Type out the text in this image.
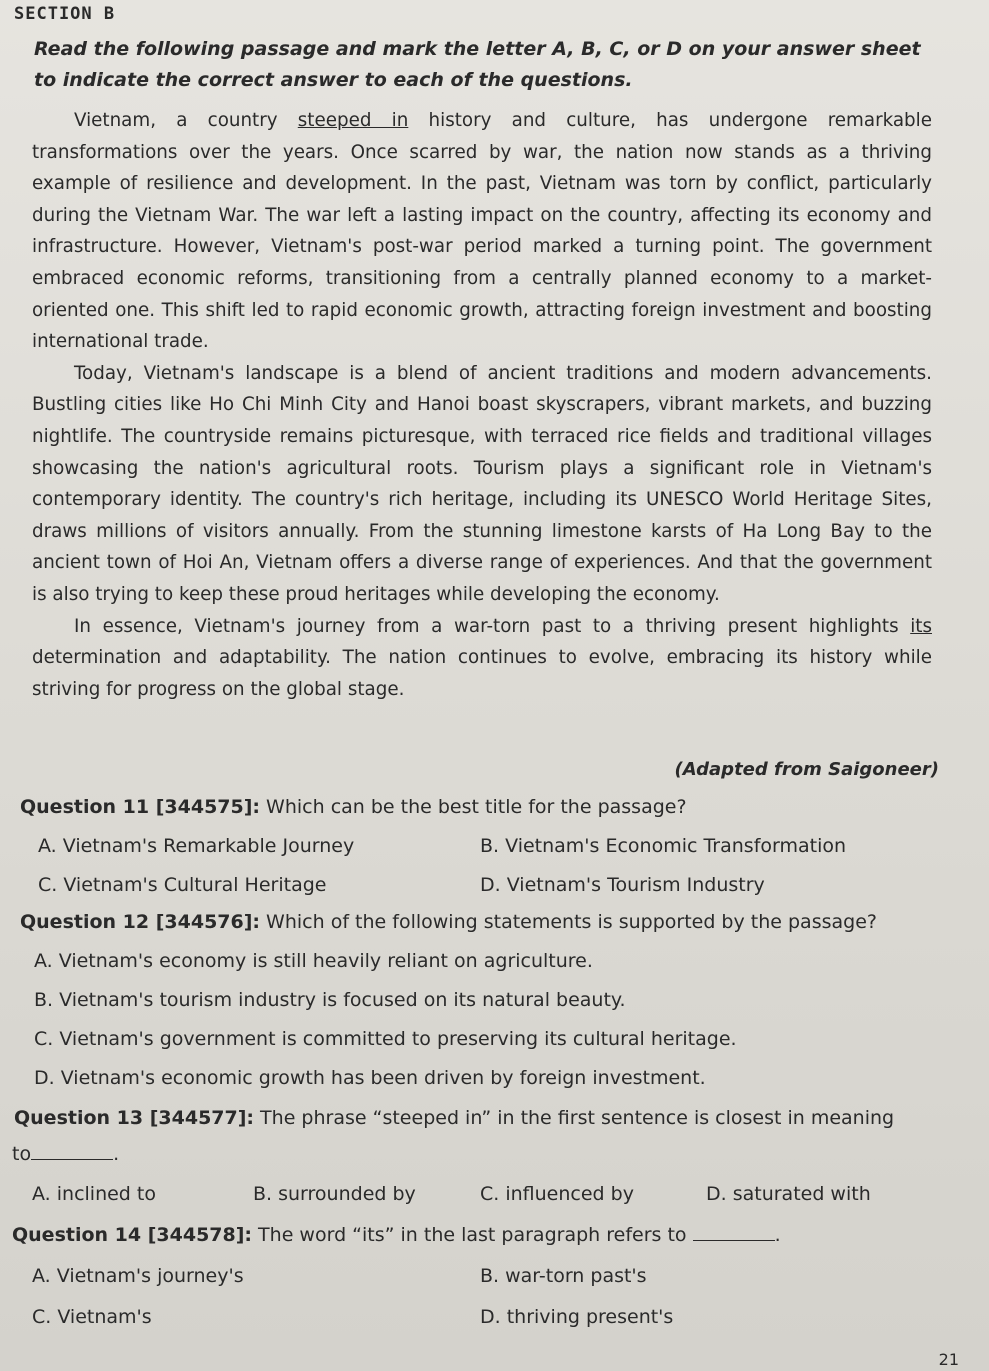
SECTION B
Read the following passage and mark the letter A, B, C, or D on your answer sheet to indicate the correct answer to each of the questions.

Vietnam, a country steeped in history and culture, has undergone remarkable transformations over the years. Once scarred by war, the nation now stands as a thriving example of resilience and development. In the past, Vietnam was torn by conflict, particularly during the Vietnam War. The war left a lasting impact on the country, affecting its economy and infrastructure. However, Vietnam's post-war period marked a turning point. The government embraced economic reforms, transitioning from a centrally planned economy to a market-oriented one. This shift led to rapid economic growth, attracting foreign investment and boosting international trade.

Today, Vietnam's landscape is a blend of ancient traditions and modern advancements. Bustling cities like Ho Chi Minh City and Hanoi boast skyscrapers, vibrant markets, and buzzing nightlife. The countryside remains picturesque, with terraced rice fields and traditional villages showcasing the nation's agricultural roots. Tourism plays a significant role in Vietnam's contemporary identity. The country's rich heritage, including its UNESCO World Heritage Sites, draws millions of visitors annually. From the stunning limestone karsts of Ha Long Bay to the ancient town of Hoi An, Vietnam offers a diverse range of experiences. And that the government is also trying to keep these proud heritages while developing the economy.

In essence, Vietnam's journey from a war-torn past to a thriving present highlights its determination and adaptability. The nation continues to evolve, embracing its history while striving for progress on the global stage.

(Adapted from Saigoneer)
Question 11 [344575]: Which can be the best title for the passage?
A. Vietnam's Remarkable Journey	B. Vietnam's Economic Transformation
C. Vietnam's Cultural Heritage	D. Vietnam's Tourism Industry
Question 12 [344576]: Which of the following statements is supported by the passage?
A. Vietnam's economy is still heavily reliant on agriculture.
B. Vietnam's tourism industry is focused on its natural beauty.
C. Vietnam's government is committed to preserving its cultural heritage.
D. Vietnam's economic growth has been driven by foreign investment.
Question 13 [344577]: The phrase “steeped in” in the first sentence is closest in meaning
to	.
A. inclined to	B. surrounded by	C. influenced by	D. saturated with
Question 14 [344578]: The word “its” in the last paragraph refers to	.
A. Vietnam's journey's	B. war-torn past's
C. Vietnam's	D. thriving present's
21
